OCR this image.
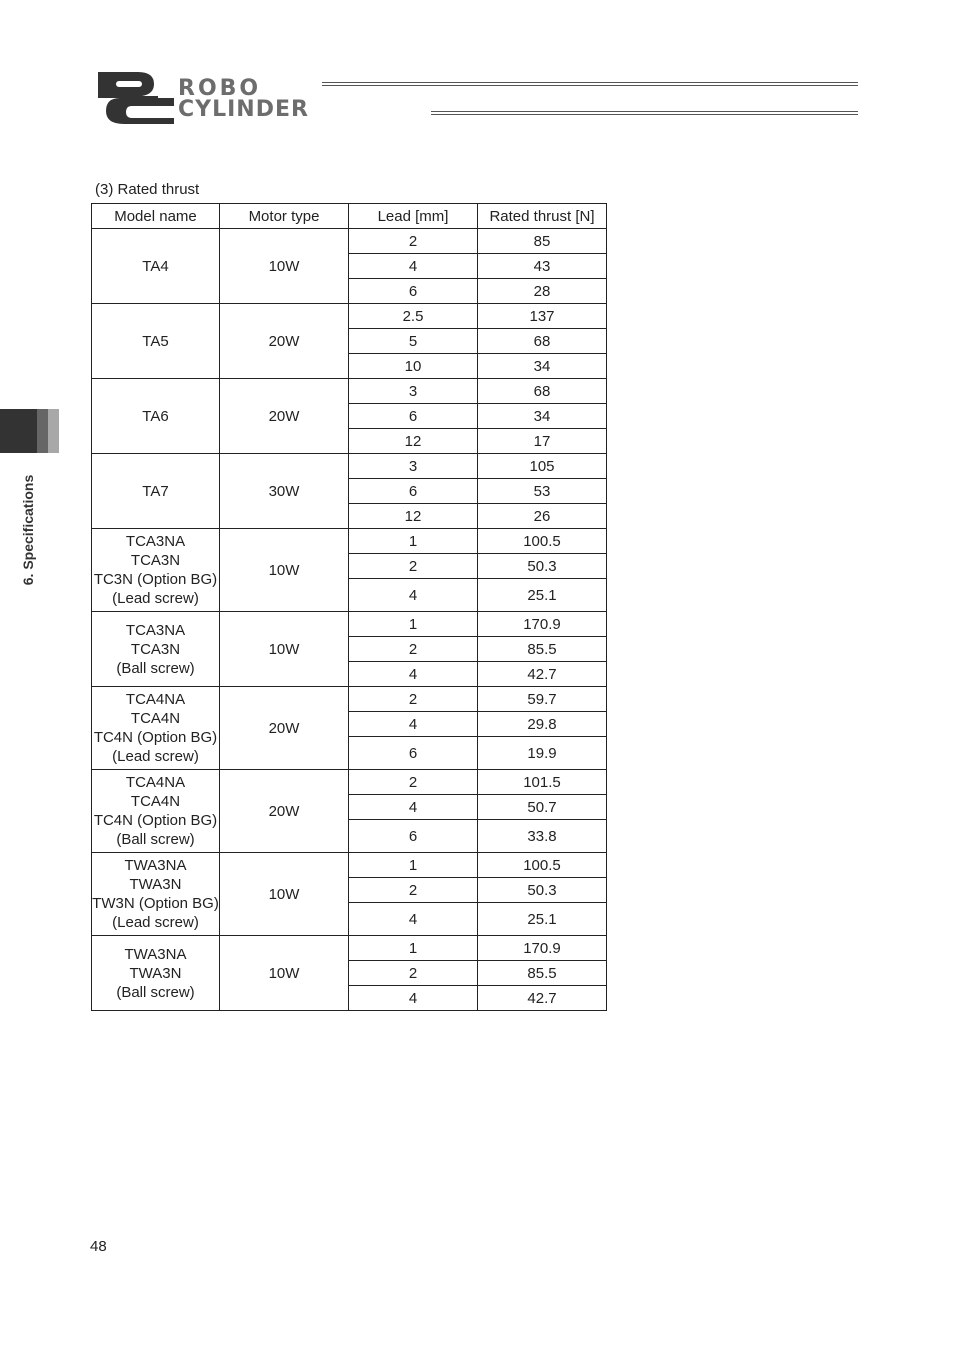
ROBO
CYLINDER
6. Specifications
(3) Rated thrust
Model name	Motor type	Lead [mm]	Rated thrust [N]

TA4	10W	2	85
		4	43
		6	28

TA5	20W	2.5	137
		5	68
		10	34

TA6	20W	3	68
		6	34
		12	17

TA7	30W	3	105
		6	53
		12	26

TCA3NA
TCA3N
TC3N (Option BG)
(Lead screw)	10W	1	100.5
		2	50.3
		4	25.1

TCA3NA
TCA3N
(Ball screw)	10W	1	170.9
		2	85.5
		4	42.7

TCA4NA
TCA4N
TC4N (Option BG)
(Lead screw)	20W	2	59.7
		4	29.8
		6	19.9

TCA4NA
TCA4N
TC4N (Option BG)
(Ball screw)	20W	2	101.5
		4	50.7
		6	33.8

TWA3NA
TWA3N
TW3N (Option BG)
(Lead screw)	10W	1	100.5
		2	50.3
		4	25.1

TWA3NA
TWA3N
(Ball screw)	10W	1	170.9
		2	85.5
		4	42.7
48
